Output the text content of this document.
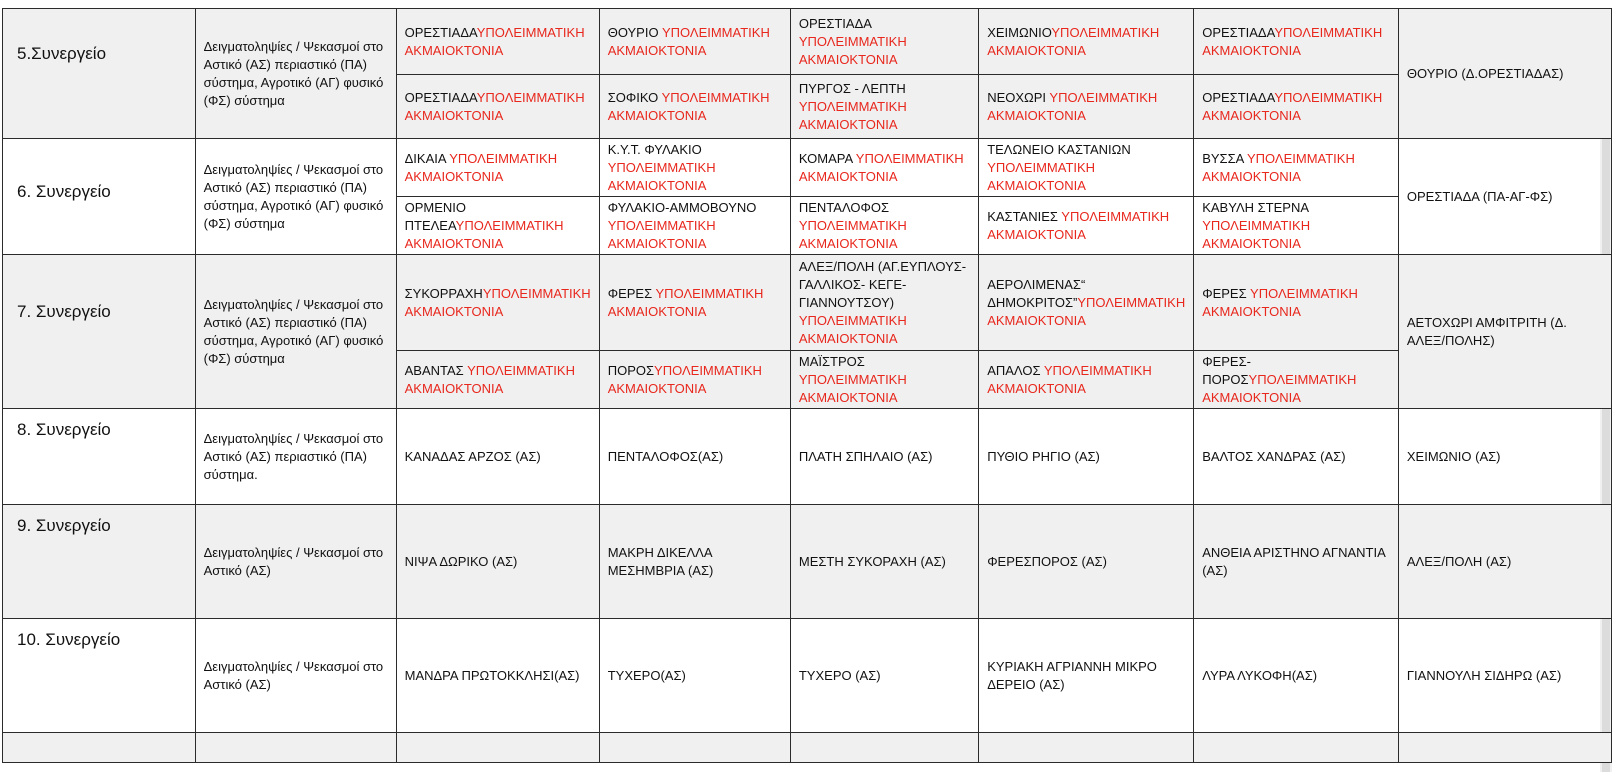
5.Συνεργείο	Δειγματοληψίες / Ψεκασμοί στο Αστικό (ΑΣ) περιαστικό (ΠΑ) σύστημα, Αγροτικό (ΑΓ) φυσικό (ΦΣ) σύστημα	ΟΡΕΣΤΙΑΔΑΥΠΟΛΕΙΜΜΑΤΙΚΗ ΑΚΜΑΙΟΚΤΟΝΙΑ	ΘΟΥΡΙΟ ΥΠΟΛΕΙΜΜΑΤΙΚΗ ΑΚΜΑΙΟΚΤΟΝΙΑ	ΟΡΕΣΤΙΑΔΑ ΥΠΟΛΕΙΜΜΑΤΙΚΗ ΑΚΜΑΙΟΚΤΟΝΙΑ	ΧΕΙΜΩΝΙΟΥΠΟΛΕΙΜΜΑΤΙΚΗ ΑΚΜΑΙΟΚΤΟΝΙΑ	ΟΡΕΣΤΙΑΔΑΥΠΟΛΕΙΜΜΑΤΙΚΗ ΑΚΜΑΙΟΚΤΟΝΙΑ	ΘΟΥΡΙΟ (Δ.ΟΡΕΣΤΙΑΔΑΣ)
		ΟΡΕΣΤΙΑΔΑΥΠΟΛΕΙΜΜΑΤΙΚΗ ΑΚΜΑΙΟΚΤΟΝΙΑ	ΣΟΦΙΚΟ ΥΠΟΛΕΙΜΜΑΤΙΚΗ ΑΚΜΑΙΟΚΤΟΝΙΑ	ΠΥΡΓΟΣ - ΛΕΠΤΗ ΥΠΟΛΕΙΜΜΑΤΙΚΗ ΑΚΜΑΙΟΚΤΟΝΙΑ	ΝΕΟΧΩΡΙ ΥΠΟΛΕΙΜΜΑΤΙΚΗ ΑΚΜΑΙΟΚΤΟΝΙΑ	ΟΡΕΣΤΙΑΔΑΥΠΟΛΕΙΜΜΑΤΙΚΗ ΑΚΜΑΙΟΚΤΟΝΙΑ	
6. Συνεργείο	Δειγματοληψίες / Ψεκασμοί στο Αστικό (ΑΣ) περιαστικό (ΠΑ) σύστημα, Αγροτικό (ΑΓ) φυσικό (ΦΣ) σύστημα	ΔΙΚΑΙΑ ΥΠΟΛΕΙΜΜΑΤΙΚΗ ΑΚΜΑΙΟΚΤΟΝΙΑ	Κ.Υ.Τ. ΦΥΛΑΚΙΟ ΥΠΟΛΕΙΜΜΑΤΙΚΗ ΑΚΜΑΙΟΚΤΟΝΙΑ	ΚΟΜΑΡΑ ΥΠΟΛΕΙΜΜΑΤΙΚΗ ΑΚΜΑΙΟΚΤΟΝΙΑ	ΤΕΛΩΝΕΙΟ ΚΑΣΤΑΝΙΩΝ ΥΠΟΛΕΙΜΜΑΤΙΚΗ ΑΚΜΑΙΟΚΤΟΝΙΑ	ΒΥΣΣΑ ΥΠΟΛΕΙΜΜΑΤΙΚΗ ΑΚΜΑΙΟΚΤΟΝΙΑ	ΟΡΕΣΤΙΑΔΑ (ΠΑ-ΑΓ-ΦΣ)
		ΟΡΜΕΝΙΟ ΠΤΕΛΕΑΥΠΟΛΕΙΜΜΑΤΙΚΗ ΑΚΜΑΙΟΚΤΟΝΙΑ	ΦΥΛΑΚΙΟ-ΑΜΜΟΒΟΥΝΟ ΥΠΟΛΕΙΜΜΑΤΙΚΗ ΑΚΜΑΙΟΚΤΟΝΙΑ	ΠΕΝΤΑΛΟΦΟΣ ΥΠΟΛΕΙΜΜΑΤΙΚΗ ΑΚΜΑΙΟΚΤΟΝΙΑ	ΚΑΣΤΑΝΙΕΣ ΥΠΟΛΕΙΜΜΑΤΙΚΗ ΑΚΜΑΙΟΚΤΟΝΙΑ	ΚΑΒΥΛΗ ΣΤΕΡΝΑ ΥΠΟΛΕΙΜΜΑΤΙΚΗ ΑΚΜΑΙΟΚΤΟΝΙΑ	
7. Συνεργείο	Δειγματοληψίες / Ψεκασμοί στο Αστικό (ΑΣ) περιαστικό (ΠΑ) σύστημα, Αγροτικό (ΑΓ) φυσικό (ΦΣ) σύστημα	ΣΥΚΟΡΡΑΧΗΥΠΟΛΕΙΜΜΑΤΙΚΗ ΑΚΜΑΙΟΚΤΟΝΙΑ	ΦΕΡΕΣ ΥΠΟΛΕΙΜΜΑΤΙΚΗ ΑΚΜΑΙΟΚΤΟΝΙΑ	ΑΛΕΞ/ΠΟΛΗ (ΑΓ.ΕΥΠΛΟΥΣ-ΓΑΛΛΙΚΟΣ- ΚΕΓΕ-ΓΙΑΝΝΟΥΤΣΟΥ) ΥΠΟΛΕΙΜΜΑΤΙΚΗ ΑΚΜΑΙΟΚΤΟΝΙΑ	ΑΕΡΟΛΙΜΕΝΑΣ“ ΔΗΜΟΚΡΙΤΟΣ”ΥΠΟΛΕΙΜΜΑΤΙΚΗ ΑΚΜΑΙΟΚΤΟΝΙΑ	ΦΕΡΕΣ ΥΠΟΛΕΙΜΜΑΤΙΚΗ ΑΚΜΑΙΟΚΤΟΝΙΑ	ΑΕΤΟΧΩΡΙ ΑΜΦΙΤΡΙΤΗ (Δ. ΑΛΕΞ/ΠΟΛΗΣ)
		ΑΒΑΝΤΑΣ ΥΠΟΛΕΙΜΜΑΤΙΚΗ ΑΚΜΑΙΟΚΤΟΝΙΑ	ΠΟΡΟΣΥΠΟΛΕΙΜΜΑΤΙΚΗ ΑΚΜΑΙΟΚΤΟΝΙΑ	ΜΑΪΣΤΡΟΣ ΥΠΟΛΕΙΜΜΑΤΙΚΗ ΑΚΜΑΙΟΚΤΟΝΙΑ	ΑΠΑΛΟΣ ΥΠΟΛΕΙΜΜΑΤΙΚΗ ΑΚΜΑΙΟΚΤΟΝΙΑ	ΦΕΡΕΣ-ΠΟΡΟΣΥΠΟΛΕΙΜΜΑΤΙΚΗ ΑΚΜΑΙΟΚΤΟΝΙΑ	
8. Συνεργείο	Δειγματοληψίες / Ψεκασμοί στο Αστικό (ΑΣ) περιαστικό (ΠΑ) σύστημα.	ΚΑΝΑΔΑΣ ΑΡΖΟΣ (ΑΣ)	ΠΕΝΤΑΛΟΦΟΣ(ΑΣ)	ΠΛΑΤΗ ΣΠΗΛΑΙΟ (ΑΣ)	ΠΥΘΙΟ ΡΗΓΙΟ (ΑΣ)	ΒΑΛΤΟΣ ΧΑΝΔΡΑΣ (ΑΣ)	ΧΕΙΜΩΝΙΟ (ΑΣ)
9. Συνεργείο	Δειγματοληψίες / Ψεκασμοί στο Αστικό (ΑΣ)	ΝΙΨΑ ΔΩΡΙΚΟ (ΑΣ)	ΜΑΚΡΗ ΔΙΚΕΛΛΑ ΜΕΣΗΜΒΡΙΑ (ΑΣ)	ΜΕΣΤΗ ΣΥΚΟΡΑΧΗ (ΑΣ)	ΦΕΡΕΣΠΟΡΟΣ (ΑΣ)	ΑΝΘΕΙΑ ΑΡΙΣΤΗΝΟ ΑΓΝΑΝΤΙΑ (ΑΣ)	ΑΛΕΞ/ΠΟΛΗ (ΑΣ)
10. Συνεργείο	Δειγματοληψίες / Ψεκασμοί στο Αστικό (ΑΣ)	ΜΑΝΔΡΑ ΠΡΩΤΟΚΚΛΗΣΙ(ΑΣ)	ΤΥΧΕΡΟ(ΑΣ)	ΤΥΧΕΡΟ (ΑΣ)	ΚΥΡΙΑΚΗ ΑΓΡΙΑΝΝΗ ΜΙΚΡΟ ΔΕΡΕΙΟ (ΑΣ)	ΛΥΡΑ ΛΥΚΟΦΗ(ΑΣ)	ΓΙΑΝΝΟΥΛΗ ΣΙΔΗΡΩ (ΑΣ)
